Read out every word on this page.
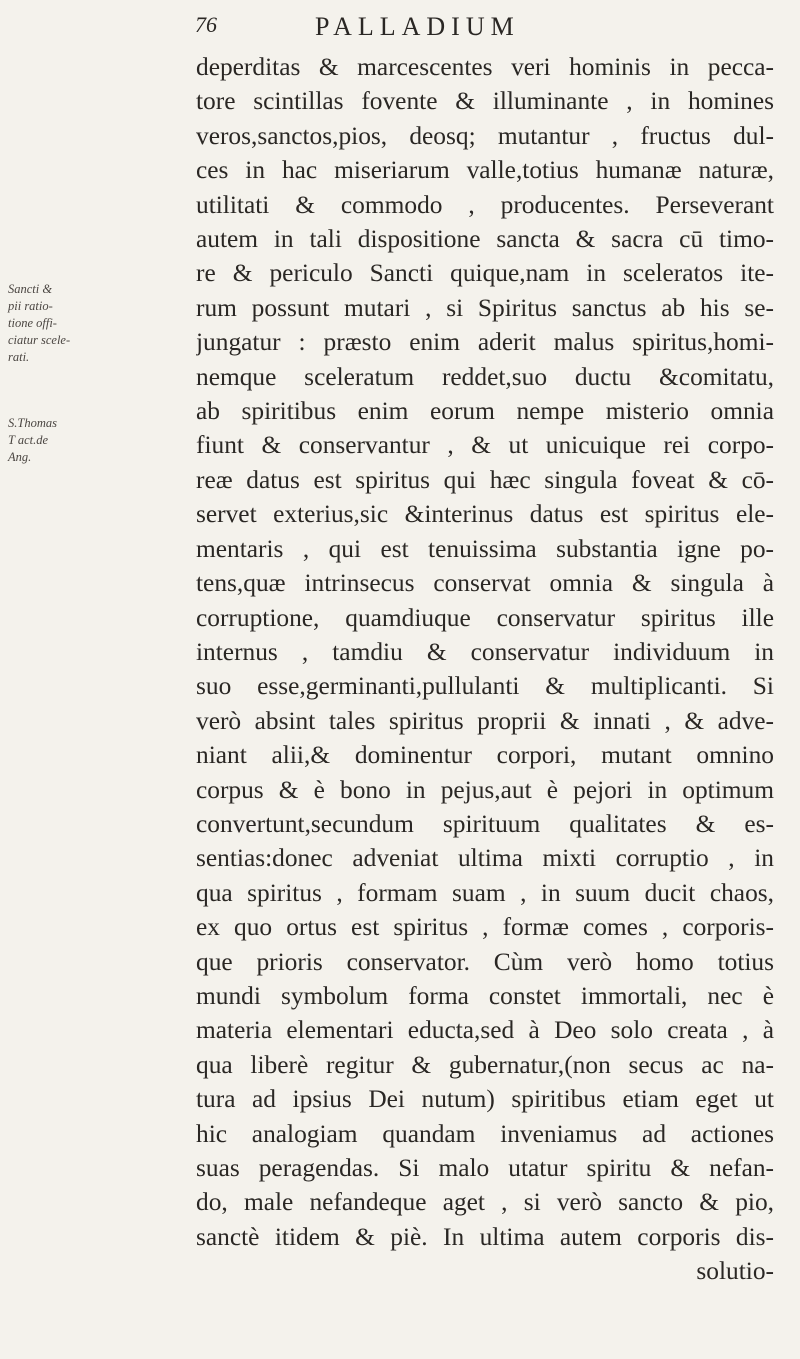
76	PALLADIUM
Sancti &
pii ratio-
tione offi-
ciatur scele-
rati.
S.Thomas
T act.de
Ang.
deperditas & marcescentes veri hominis in pecca-
tore scintillas fovente & illuminante , in homines
veros,sanctos,pios, deosq; mutantur , fructus dul-
ces in hac miseriarum valle,totius humanæ naturæ,
utilitati & commodo , producentes. Perseverant
autem in tali dispositione sancta & sacra cū timo-
re & periculo Sancti quique,nam in sceleratos ite-
rum possunt mutari , si Spiritus sanctus ab his se-
jungatur : præsto enim aderit malus spiritus,homi-
nemque sceleratum reddet,suo ductu &comitatu,
ab spiritibus enim eorum nempe misterio omnia
fiunt & conservantur , & ut unicuique rei corpo-
reæ datus est spiritus qui hæc singula foveat & cō-
servet exterius,sic &interinus datus est spiritus ele-
mentaris , qui est tenuissima substantia igne po-
tens,quæ intrinsecus conservat omnia & singula à
corruptione, quamdiuque conservatur spiritus ille
internus , tamdiu & conservatur individuum in
suo esse,germinanti,pullulanti & multiplicanti. Si
verò absint tales spiritus proprii & innati , & adve-
niant alii,& dominentur corpori, mutant omnino
corpus & è bono in pejus,aut è pejori in optimum
convertunt,secundum spirituum qualitates & es-
sentias:donec adveniat ultima mixti corruptio , in
qua spiritus , formam suam , in suum ducit chaos,
ex quo ortus est spiritus , formæ comes , corporis-
que prioris conservator. Cùm verò homo totius
mundi symbolum forma constet immortali, nec è
materia elementari educta,sed à Deo solo creata , à
qua liberè regitur & gubernatur,(non secus ac na-
tura ad ipsius Dei nutum) spiritibus etiam eget ut
hic analogiam quandam inveniamus ad actiones
suas peragendas. Si malo utatur spiritu & nefan-
do, male nefandeque aget , si verò sancto & pio,
sanctè itidem & piè. In ultima autem corporis dis-
solutio-
